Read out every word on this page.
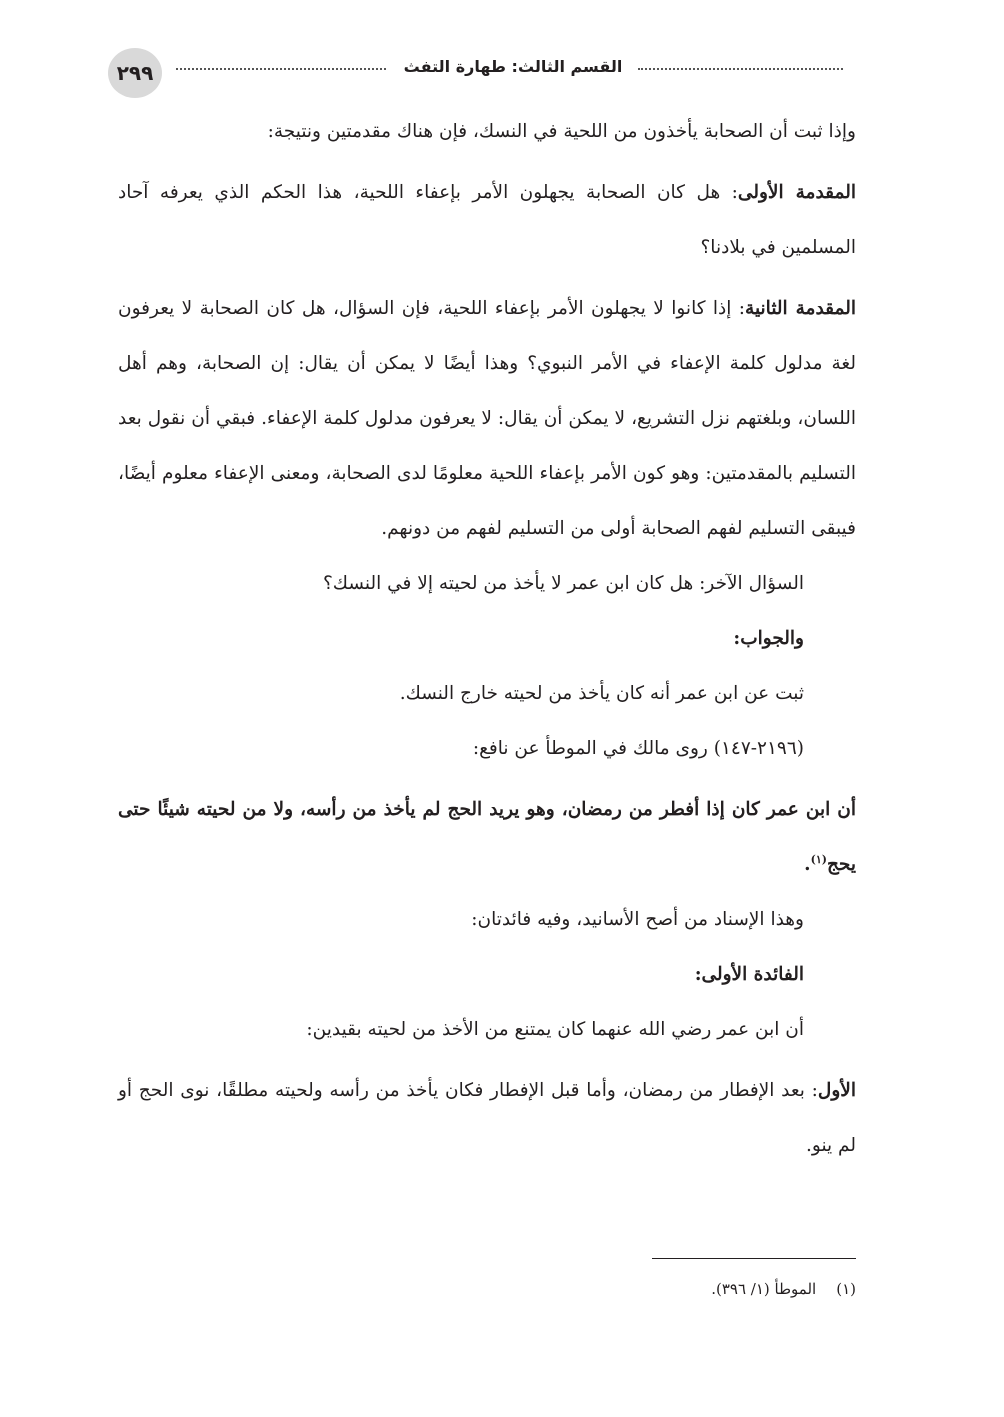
٢٩٩	القسم الثالث: طهارة التفث

وإذا ثبت أن الصحابة يأخذون من اللحية في النسك، فإن هناك مقدمتين ونتيجة:

المقدمة الأولى: هل كان الصحابة يجهلون الأمر بإعفاء اللحية، هذا الحكم الذي يعرفه آحاد المسلمين في بلادنا؟

المقدمة الثانية: إذا كانوا لا يجهلون الأمر بإعفاء اللحية، فإن السؤال، هل كان الصحابة لا يعرفون لغة مدلول كلمة الإعفاء في الأمر النبوي؟ وهذا أيضًا لا يمكن أن يقال: إن الصحابة، وهم أهل اللسان، وبلغتهم نزل التشريع، لا يمكن أن يقال: لا يعرفون مدلول كلمة الإعفاء. فبقي أن نقول بعد التسليم بالمقدمتين: وهو كون الأمر بإعفاء اللحية معلومًا لدى الصحابة، ومعنى الإعفاء معلوم أيضًا، فيبقى التسليم لفهم الصحابة أولى من التسليم لفهم من دونهم.

السؤال الآخر: هل كان ابن عمر لا يأخذ من لحيته إلا في النسك؟

والجواب:

ثبت عن ابن عمر أنه كان يأخذ من لحيته خارج النسك.

(٢١٩٦-١٤٧) روى مالك في الموطأ عن نافع:

أن ابن عمر كان إذا أفطر من رمضان، وهو يريد الحج لم يأخذ من رأسه، ولا من لحيته شيئًا حتى يحج$^{(١)}$.

وهذا الإسناد من أصح الأسانيد، وفيه فائدتان:

الفائدة الأولى:

أن ابن عمر رضي الله عنهما كان يمتنع من الأخذ من لحيته بقيدين:

الأول: بعد الإفطار من رمضان، وأما قبل الإفطار فكان يأخذ من رأسه ولحيته مطلقًا، نوى الحج أو لم ينو.

(١)الموطأ (١/ ٣٩٦).
